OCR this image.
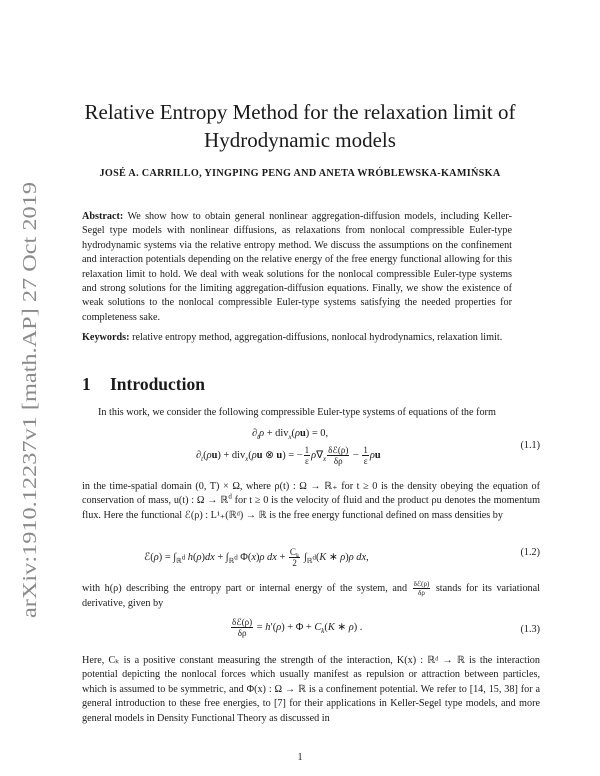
arXiv:1910.12237v1 [math.AP] 27 Oct 2019
Relative Entropy Method for the relaxation limit of
Hydrodynamic models
JOSÉ A. CARRILLO, YINGPING PENG AND ANETA WRÓBLEWSKA-KAMIŃSKA
Abstract: We show how to obtain general nonlinear aggregation-diffusion models, including Keller-Segel type models with nonlinear diffusions, as relaxations from nonlocal compressible Euler-type hydrodynamic systems via the relative entropy method. We discuss the assumptions on the confinement and interaction potentials depending on the relative energy of the free energy functional allowing for this relaxation limit to hold. We deal with weak solutions for the nonlocal compressible Euler-type systems and strong solutions for the limiting aggregation-diffusion equations. Finally, we show the existence of weak solutions to the nonlocal compressible Euler-type systems satisfying the needed properties for completeness sake.
Keywords: relative entropy method, aggregation-diffusions, nonlocal hydrodynamics, relaxation limit.
1 Introduction
In this work, we consider the following compressible Euler-type systems of equations of the form
$\partial_t\rho + div_x(\rho u) = 0$,
$\partial_t(\rho u) + div_x(\rho u$ ⊗ u) = − $\frac{1}{\varepsilon} \rho\nabla_x \frac{\text{δℰ(ρ)}}{\delta\rho} - \frac{1}{\varepsilon}$ ρu
(1.1)
in the time-spatial domain (0, T) × Ω, where ρ(t) : Ω → ℝ₊ for t ≥ 0 is the density obeying the equation of conservation of mass, u(t) : Ω → ℝ$^d$ for t ≥ 0 is the velocity of fluid and the product ρu denotes the momentum flux. Here the functional ℰ(ρ) : L¹₊(ℝᵈ) → ℝ is the free energy functional defined on mass densities by
ℰ(ρ) = $\int_{ℝ^d}$ $h(\rho)dx + \int_{ℝ^d}$ Φ(x)ρ dx + $\frac{C_k}{2} \int_{ℝ^d}(K$ ∗ ρ)ρ dx,	(1.2)
with h(ρ) describing the entropy part or internal energy of the system, and $\frac{\text{δℰ(ρ)}}{\delta\rho}$ stands for its variational derivative, given by
$\frac{\text{δℰ(ρ)}}{\delta\rho} = h'(\rho) + \Phi + C_k(K$ ∗ ρ) .	(1.3)
Here, Cₖ is a positive constant measuring the strength of the interaction, K(x) : ℝᵈ → ℝ is the interaction potential depicting the nonlocal forces which usually manifest as repulsion or attraction between particles, which is assumed to be symmetric, and Φ(x) : Ω → ℝ is a confinement potential. We refer to [14, 15, 38] for a general introduction to these free energies, to [7] for their applications in Keller-Segel type models, and more general models in Density Functional Theory as discussed in
1
